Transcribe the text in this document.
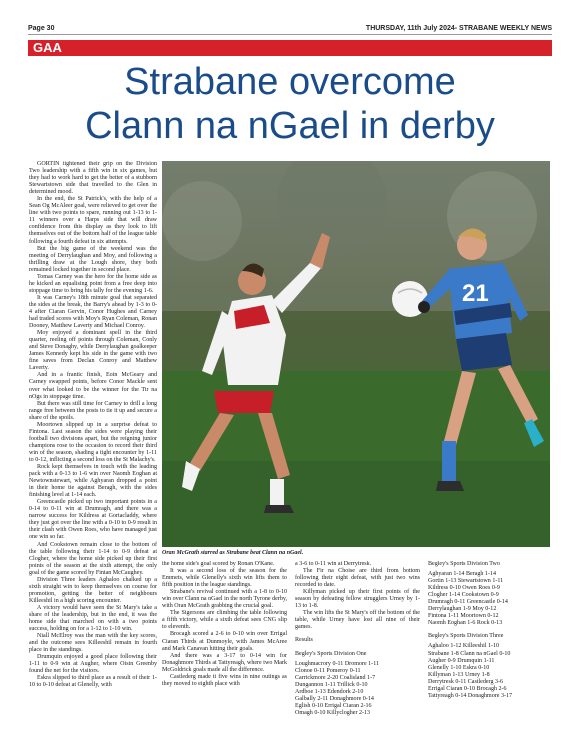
Page 30	THURSDAY, 11th July 2024- STRABANE WEEKLY NEWS
GAA
Strabane overcome
Clann na nGael in derby

GORTIN tightened their grip on the Division Two leadership with a fifth win in six games, but they had to work hard to get the better of a stubborn Stewartstown side that travelled to the Glen in determined mood.

In the end, the St Patrick's, with the help of a Sean Og McAleer goal, were relieved to get over the line with two points to spare, running out 1-13 to 1-11 winners over a Harps side that will draw confidence from this display as they look to lift themselves out of the bottom half of the league table following a fourth defeat in six attempts.

But the big game of the weekend was the meeting of Derrylaughan and Moy, and following a thrilling draw at the Lough shore, they both remained locked together in second place.

Tomas Carney was the hero for the home side as he kicked an equalising point from a free deep into stoppage time to bring his tally for the evening 1-6.

It was Carney's 18th minute goal that separated the sides at the break, the Barry's ahead by 1-3 to 0-4 after Ciaran Gervin, Conor Hughes and Carney had traded scores with Moy's Ryan Coleman, Ronan Dooney, Matthew Laverty and Michael Conroy.

Moy enjoyed a dominant spell in the third quarter, reeling off points through Coleman, Conly and Steve Donaghy, while Derrylaughan goalkeeper James Kennedy kept his side in the game with two fine saves from Declan Conroy and Matthew Laverty.

And in a frantic finish, Eoin McGeary and Carney swapped points, before Conor Mackle sent over what looked to be the winner for the Tir na nOgs in stoppage time.

But there was still time for Carney to drill a long range free between the posts to tie it up and secure a share of the spoils.

Moortown slipped up in a surprise defeat to Fintona. Last season the sides were playing their football two divisions apart, but the reigning junior champions rose to the occasion to record their third win of the season, shading a tight encounter by 1-11 to 0-12, inflicting a second loss on the St Malachy's.

Rock kept themselves in touch with the leading pack with a 0-13 to 1-6 win over Naomh Eoghan at Newtownstewart, while Aghyaran dropped a point in their home tie against Beragh, with the sides finishing level at 1-14 each.

Greencastle picked up two important points in a 0-14 to 0-11 win at Drumragh, and there was a narrow success for Kildress at Gortacladdy, where they just got over the line with a 0-10 to 0-9 result in their clash with Owen Roes, who have managed just one win so far.

And Cookstown remain close to the bottom of the table following their 1-14 to 0-9 defeat at Clogher, where the home side picked up their first points of the season at the sixth attempt, the only goal of the game scored by Fintan McCaughey.

Division Three leaders Aghaloo chalked up a sixth straight win to keep themselves on course for promotion, getting the better of neighbours Killeeshil in a high scoring encounter.

A victory would have seen the St Mary's take a share of the leadership, but in the end, it was the home side that marched on with a two points success, holding on for a 1-12 to 1-10 win.

Niall McElroy was the man with the key scores, and the outcome sees Killeeshil remain in fourth place in the standings.

Drumquin enjoyed a good place following their 1-11 to 0-9 win at Augher, where Oisin Greenby found the net for the visitors.

Eskra slipped to third place as a result of their 1-10 to 0-10 defeat at Glenelly, with

21
Oran McGrath starred as Strabane beat Clann na nGael.

the home side's goal scored by Ronan O'Kane.

It was a second loss of the season for the Emmets, while Glenelly's sixth win lifts them to fifth position in the league standings.

Strabane's revival continued with a 1-8 to 0-10 win over Clann na nGael in the north Tyrone derby, with Oran McGrath grabbing the crucial goal.

The Sigersons are climbing the table following a fifth victory, while a sixth defeat sees CNG slip to eleventh.

Brocagh scored a 2-6 to 0-10 win over Errigal Ciaran Thirds at Dunmoyle, with James McAree and Mark Canavan hitting their goals.

And there was a 3-17 to 0-14 win for Donaghmore Thirds at Tattyreagh, where two Mark McGoldrick goals made all the difference.

Castlederg made it five wins in nine outings as they moved to eighth place with

a 3-6 to 0-11 win at Derrytresk.

The Fir na Choise are third from bottom following their eight defeat, with just two wins recorded to date.

Killyman picked up their first points of the season by defeating fellow strugglers Urney by 1-13 to 1-8.

The win lifts the St Mary's off the bottom of the table, while Urney have lost all nine of their games.

Results

Begley's Sports Division One

Loughmacrory 0-11 Dromore 1-11

Clonoe 0-11 Pomeroy 0-11

Carrickmore 2-20 Coalisland 1-7

Dungannon 1-11 Trillick 0-10

Ardboe 1-13 Edendork 2-10

Galbally 2-11 Donaghmore 0-14

Eglish 0-10 Errigal Ciaran 2-16

Omagh 0-10 Killyclogher 2-13

Begley's Sports Division Two

Aghyaran 1-14 Beragh 1-14

Gortin 1-13 Stewartstown 1-11

Kildress 0-10 Owen Roes 0-9

Clogher 1-14 Cookstown 0-9

Drumragh 0-11 Greencastle 0-14

Derrylaughan 1-9 Moy 0-12

Fintona 1-11 Moortown 0-12

Naomh Eoghan 1-6 Rock 0-13

Begley's Sports Division Three

Aghaloo 1-12 Killeeshil 1-10

Strabane 1-8 Clann na nGael 0-10

Augher 0-9 Drumquin 1-11

Glenelly 1-10 Eskra 0-10

Killyman 1-13 Urney 1-8

Derrytresk 0-11 Castlederg 3-6

Errigal Ciaran 0-10 Brocagh 2-6

Tattyreagh 0-14 Donaghmore 3-17
